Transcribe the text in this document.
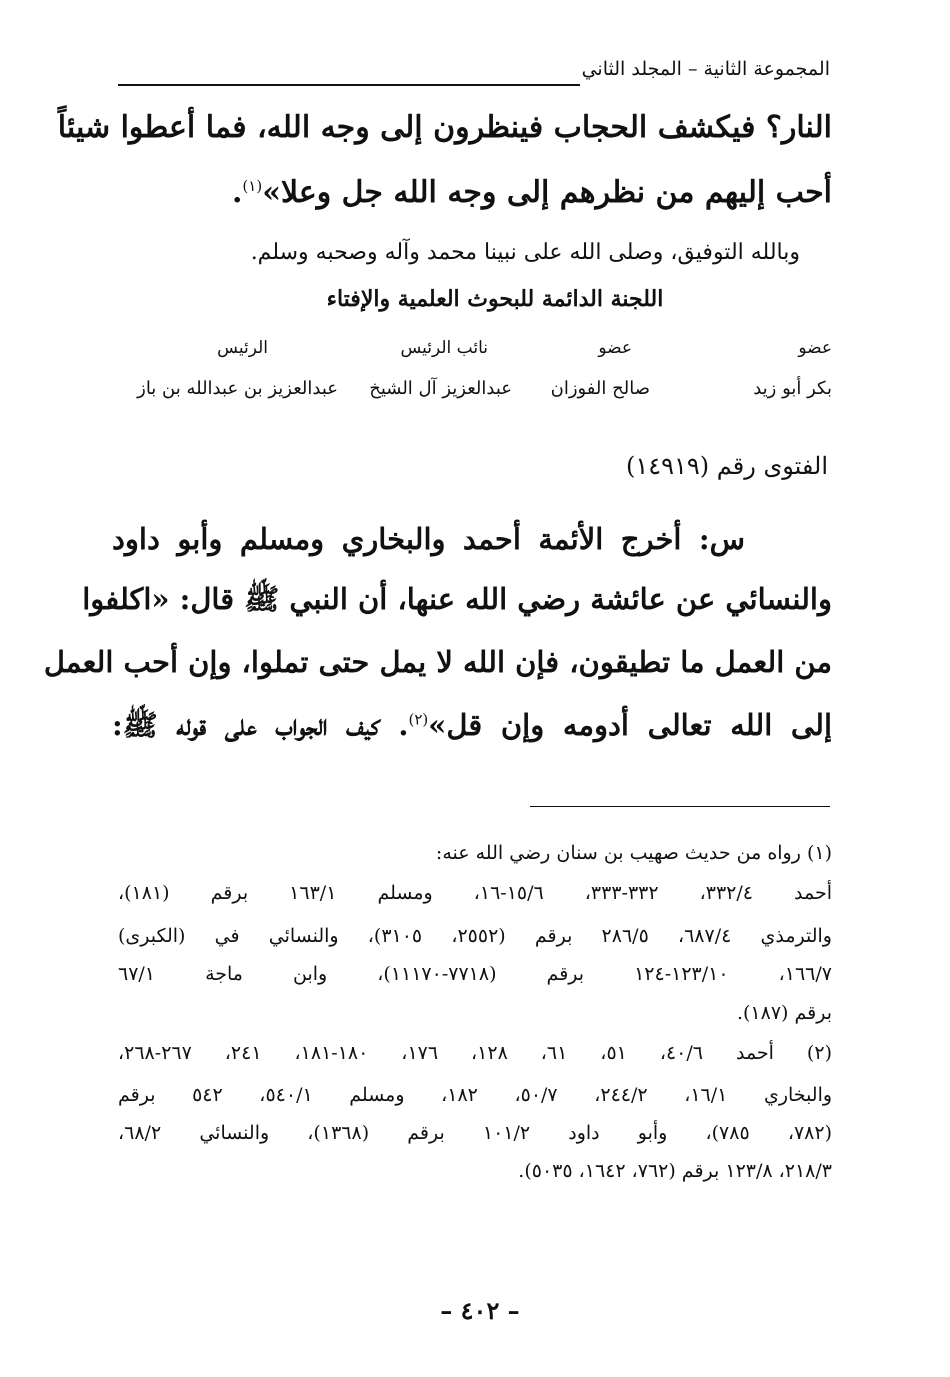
المجموعة الثانية – المجلد الثاني
النار؟ فيكشف الحجاب فينظرون إلى وجه الله، فما أعطوا شيئاً
أحب إليهم من نظرهم إلى وجه الله جل وعلا»$^{(١)}$.
وبالله التوفيق، وصلى الله على نبينا محمد وآله وصحبه وسلم.
اللجنة الدائمة للبحوث العلمية والإفتاء
عضو
عضو
نائب الرئيس
الرئيس
بكر أبو زيد
صالح الفوزان
عبدالعزيز آل الشيخ
عبدالعزيز بن عبدالله بن باز
الفتوى رقم (١٤٩١٩)
س: أخرج الأئمة أحمد والبخاري ومسلم وأبو داود
والنسائي عن عائشة رضي الله عنها، أن النبي ﷺ قال: «اكلفوا
من العمل ما تطيقون، فإن الله لا يمل حتى تملوا، وإن أحب العمل
إلى الله تعالى أدومه وإن قل»$^{(٢)}$. كيف الجواب على قوله ﷺ:
(١) رواه من حديث صهيب بن سنان رضي الله عنه:
أحمد ٣٣٢/٤، ٣٣٢-٣٣٣، ١٥/٦-١٦، ومسلم ١٦٣/١ برقم (١٨١)،
والترمذي ٦٨٧/٤، ٢٨٦/٥ برقم (٢٥٥٢، ٣١٠٥)، والنسائي في (الكبرى)
١٦٦/٧، ١٢٣/١٠-١٢٤ برقم (٧٧١٨-١١١٧٠)، وابن ماجة ٦٧/١
برقم (١٨٧).
(٢) أحمد ٤٠/٦، ٥١، ٦١، ١٢٨، ١٧٦، ١٨٠-١٨١، ٢٤١، ٢٦٧-٢٦٨،
والبخاري ١٦/١، ٢٤٤/٢، ٥٠/٧، ١٨٢، ومسلم ٥٤٠/١، ٥٤٢ برقم
(٧٨٢، ٧٨٥)، وأبو داود ١٠١/٢ برقم (١٣٦٨)، والنسائي ٦٨/٢،
٢١٨/٣، ١٢٣/٨ برقم (٧٦٢، ١٦٤٢، ٥٠٣٥).
– ٤٠٢ –
